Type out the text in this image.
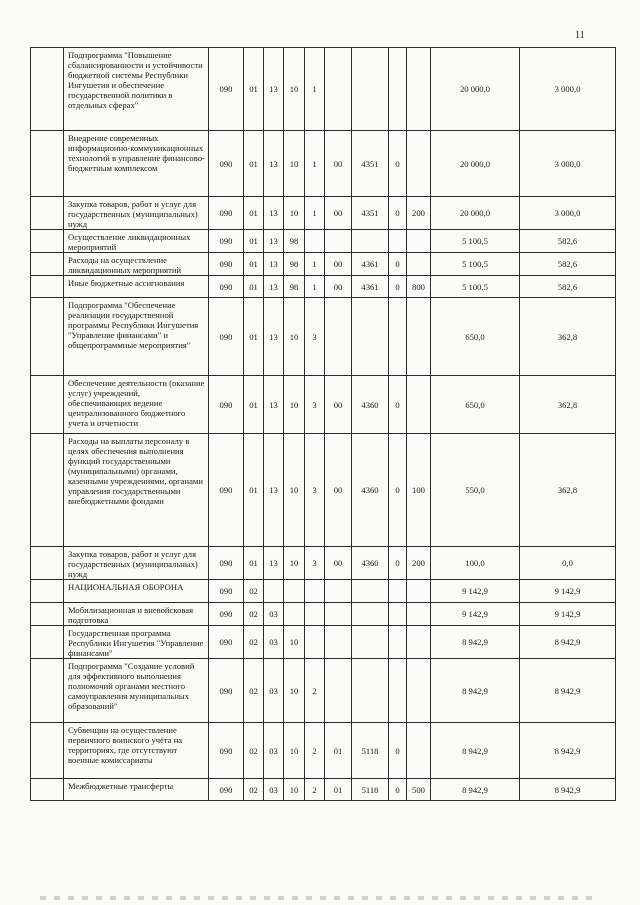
11
	Подпрограмма "Повышение сбалансированности и устойчивости бюджетной системы Республики Ингушетия и обеспечение государственной политики в отдельных сферах"	090	01	13	10	1					20 000,0	3 000,0
	Внедрение современных информационно-коммуникационных технологий в управление финансово-бюджетным комплексом	090	01	13	10	1	00	4351	0		20 000,0	3 000,0
	Закупка товаров, работ и услуг для государственных (муниципальных) нужд	090	01	13	10	1	00	4351	0	200	20 000,0	3 000,0
	Осуществление ликвидационных мероприятий	090	01	13	98						5 100,5	582,6
	Расходы на осуществление ликвидационных мероприятий	090	01	13	98	1	00	4361	0		5 100,5	582,6
	Иные бюджетные ассигнования	090	01	13	98	1	00	4361	0	800	5 100,5	582,6
	Подпрограмма "Обеспечение реализации государственной программы Республики Ингушетия "Управление финансами" и общепрограммные мероприятия"	090	01	13	10	3					650,0	362,8
	Обеспечение деятельности (оказание услуг) учреждений, обеспечивающих ведение централизованного бюджетного учета и отчетности	090	01	13	10	3	00	4360	0		650,0	362,8
	Расходы на выплаты персоналу в целях обеспечения выполнения функций государственными (муниципальными) органами, казенными учреждениями, органами управления государственными внебюджетными фондами	090	01	13	10	3	00	4360	0	100	550,0	362,8
	Закупка товаров, работ и услуг для государственных (муниципальных) нужд	090	01	13	10	3	00	4360	0	200	100,0	0,0
	НАЦИОНАЛЬНАЯ ОБОРОНА	090	02								9 142,9	9 142,9
	Мобилизационная и вневойсковая подготовка	090	02	03							9 142,9	9 142,9
	Государственная программа Республики Ингушетия "Управление финансами"	090	02	03	10						8 942,9	8 942,9
	Подпрограмма "Создание условий для эффективного выполнения полномочий органами местного самоуправления муниципальных образований"	090	02	03	10	2					8 942,9	8 942,9
	Субвенции на осуществление первичного воинского учёта на территориях, где отсутствуют военные комиссариаты	090	02	03	10	2	01	5118	0		8 942,9	8 942,9
	Межбюджетные трансферты	090	02	03	10	2	01	5118	0	500	8 942,9	8 942,9
